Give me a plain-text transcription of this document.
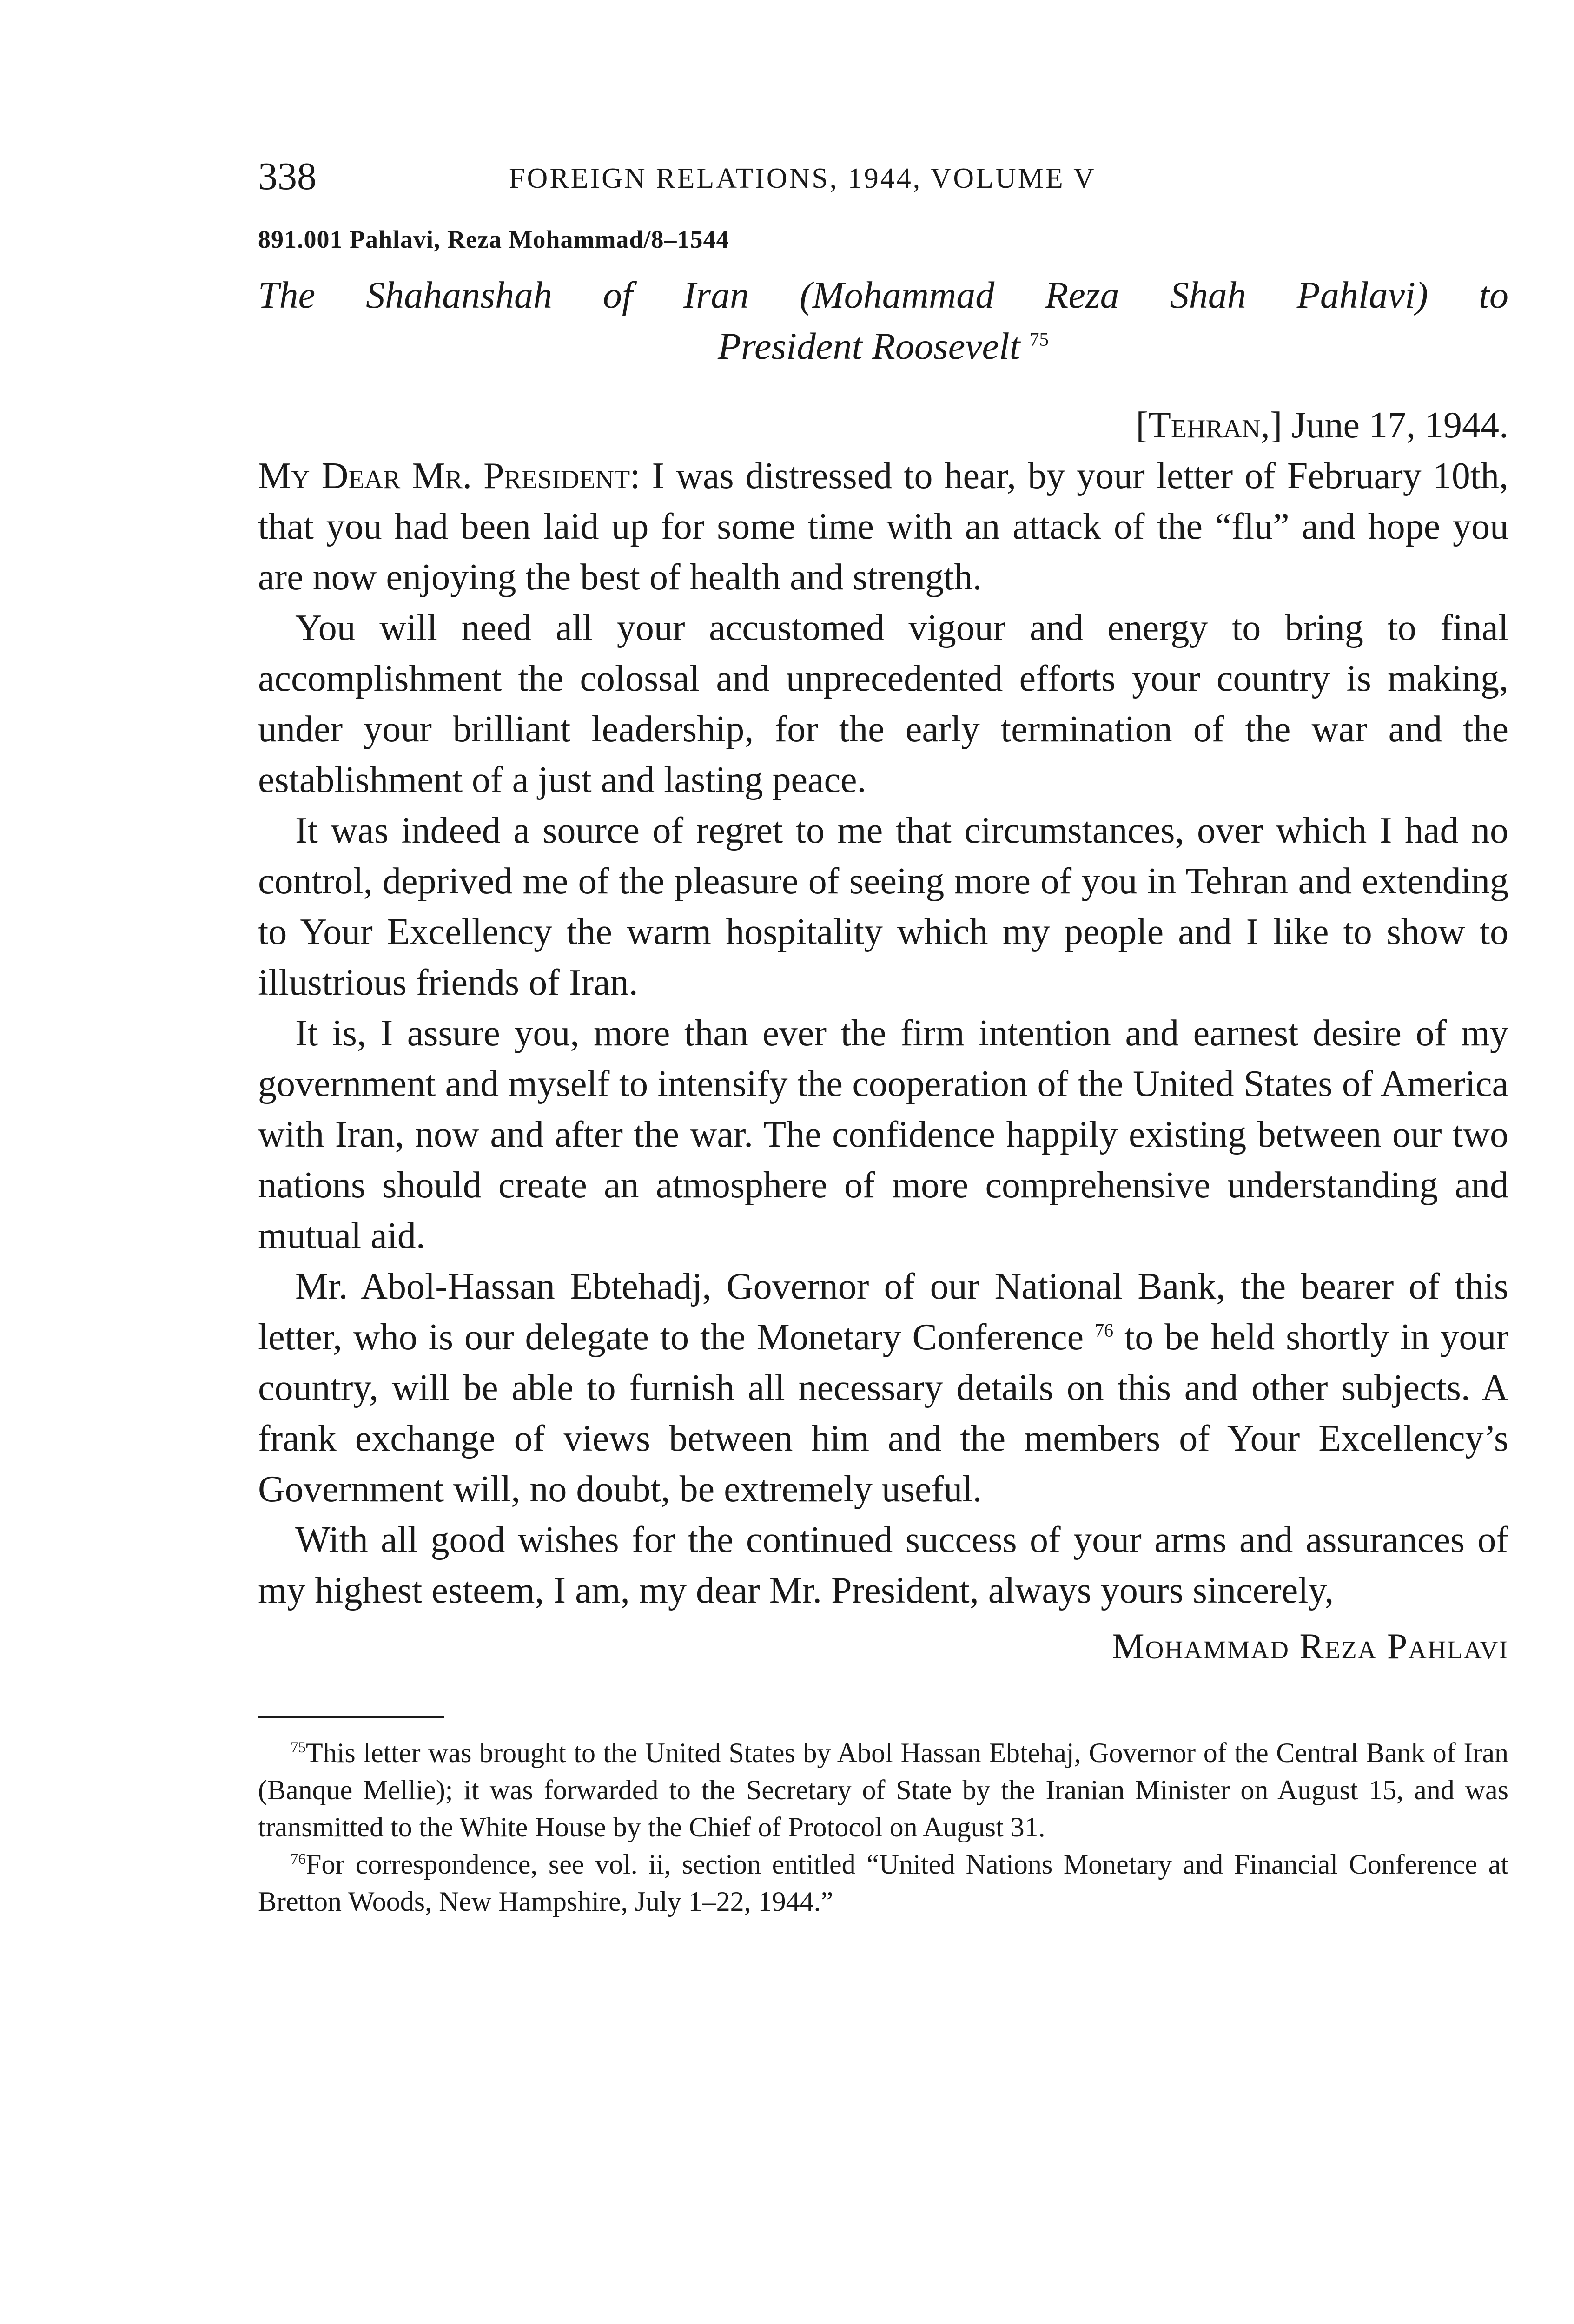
338	FOREIGN RELATIONS, 1944, VOLUME V
891.001 Pahlavi, Reza Mohammad/8–1544
The Shahanshah of Iran (Mohammad Reza Shah Pahlavi) to
President Roosevelt $^{75}$
[Tehran,] June 17, 1944.

My Dear Mr. President: I was distressed to hear, by your letter of February 10th, that you had been laid up for some time with an attack of the “flu” and hope you are now enjoying the best of health and strength.

You will need all your accustomed vigour and energy to bring to final accomplishment the colossal and unprecedented efforts your country is making, under your brilliant leadership, for the early termination of the war and the establishment of a just and lasting peace.

It was indeed a source of regret to me that circumstances, over which I had no control, deprived me of the pleasure of seeing more of you in Tehran and extending to Your Excellency the warm hospitality which my people and I like to show to illustrious friends of Iran.

It is, I assure you, more than ever the firm intention and earnest desire of my government and myself to intensify the cooperation of the United States of America with Iran, now and after the war. The confidence happily existing between our two nations should create an atmosphere of more comprehensive understanding and mutual aid.

Mr. Abol-Hassan Ebtehadj, Governor of our National Bank, the bearer of this letter, who is our delegate to the Monetary Conference $^{76}$ to be held shortly in your country, will be able to furnish all necessary details on this and other subjects. A frank exchange of views between him and the members of Your Excellency’s Government will, no doubt, be extremely useful.

With all good wishes for the continued success of your arms and assurances of my highest esteem, I am, my dear Mr. President, always yours sincerely,

Mohammad Reza Pahlavi

$^{75}$This letter was brought to the United States by Abol Hassan Ebtehaj, Governor of the Central Bank of Iran (Banque Mellie); it was forwarded to the Secretary of State by the Iranian Minister on August 15, and was transmitted to the White House by the Chief of Protocol on August 31.

$^{76}$For correspondence, see vol. ii, section entitled “United Nations Monetary and Financial Conference at Bretton Woods, New Hampshire, July 1–22, 1944.”
